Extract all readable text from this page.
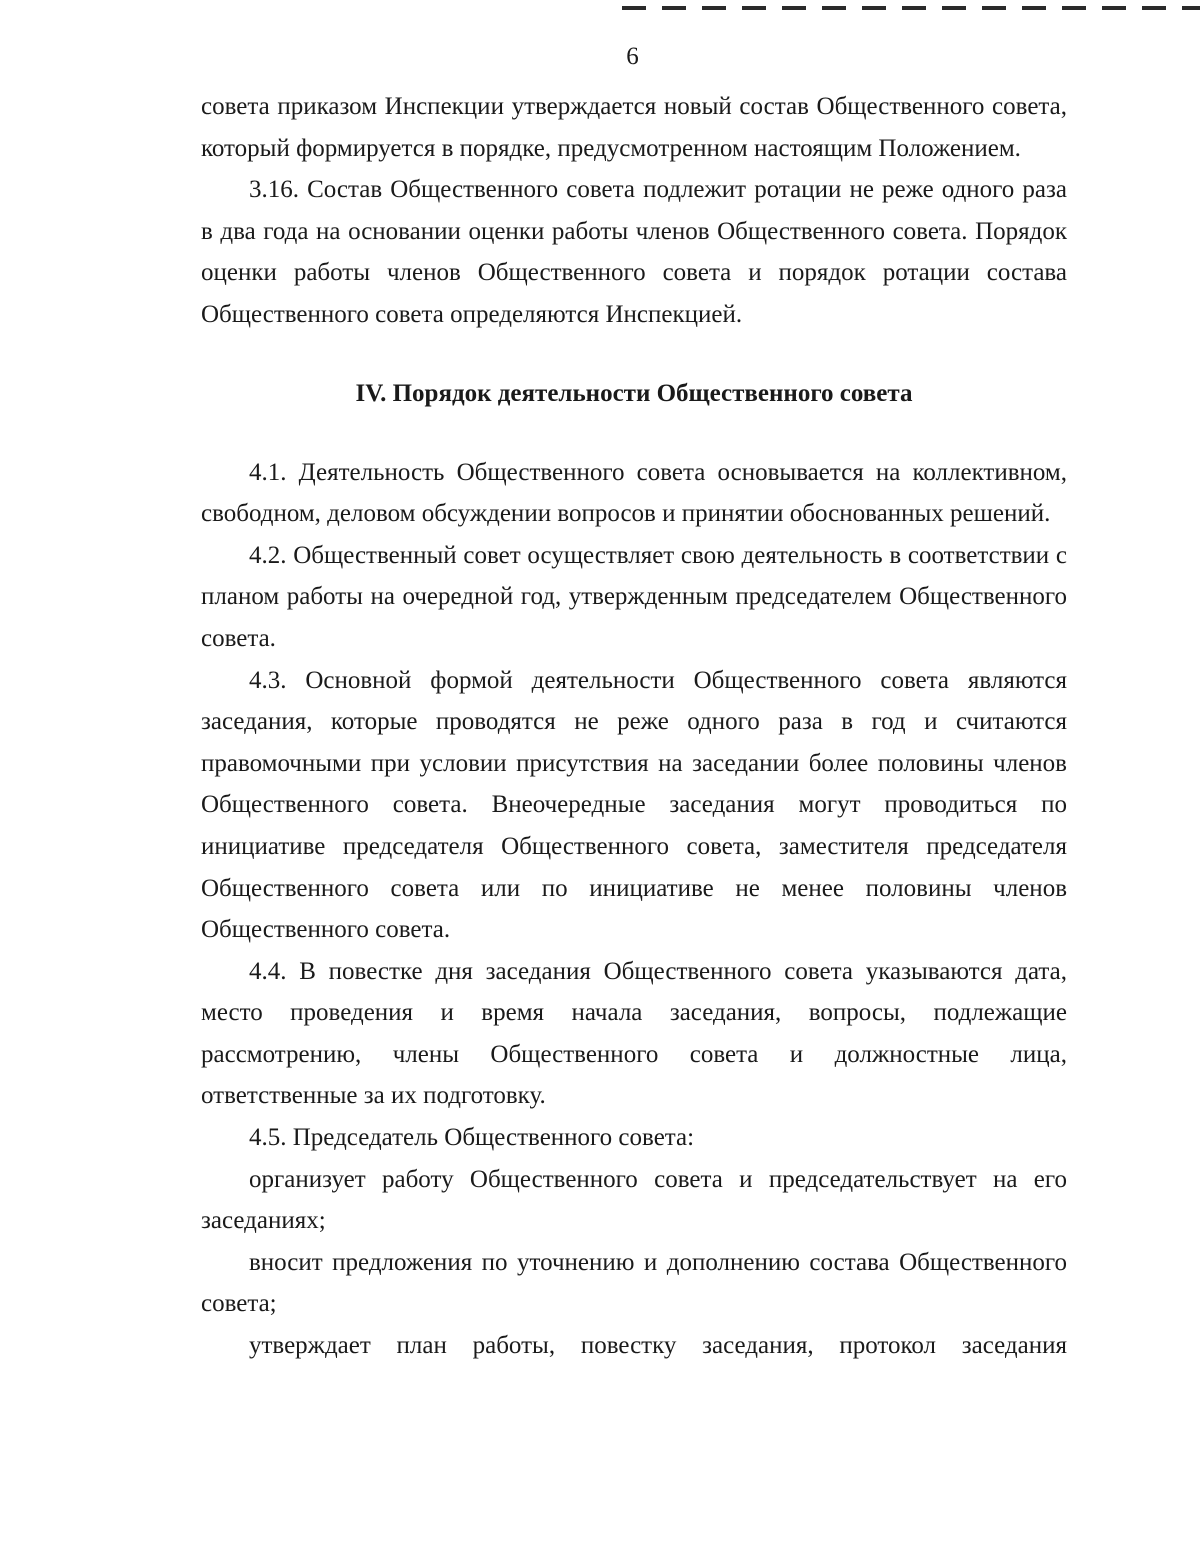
6

совета приказом Инспекции утверждается новый состав Общественного совета, который формируется в порядке, предусмотренном настоящим Положением.

3.16. Состав Общественного совета подлежит ротации не реже одного раза в два года на основании оценки работы членов Общественного совета. Порядок оценки работы членов Общественного совета и порядок ротации состава Общественного совета определяются Инспекцией.

IV. Порядок деятельности Общественного совета

4.1. Деятельность Общественного совета основывается на коллективном, свободном, деловом обсуждении вопросов и принятии обоснованных решений.

4.2. Общественный совет осуществляет свою деятельность в соответствии с планом работы на очередной год, утвержденным председателем Общественного совета.

4.3. Основной формой деятельности Общественного совета являются заседания, которые проводятся не реже одного раза в год и считаются правомочными при условии присутствия на заседании более половины членов Общественного совета. Внеочередные заседания могут проводиться по инициативе председателя Общественного совета, заместителя председателя Общественного совета или по инициативе не менее половины членов Общественного совета.

4.4. В повестке дня заседания Общественного совета указываются дата, место проведения и время начала заседания, вопросы, подлежащие рассмотрению, члены Общественного совета и должностные лица, ответственные за их подготовку.

4.5. Председатель Общественного совета:

организует работу Общественного совета и председательствует на его заседаниях;

вносит предложения по уточнению и дополнению состава Общественного совета;

утверждает план работы, повестку заседания, протокол заседания
